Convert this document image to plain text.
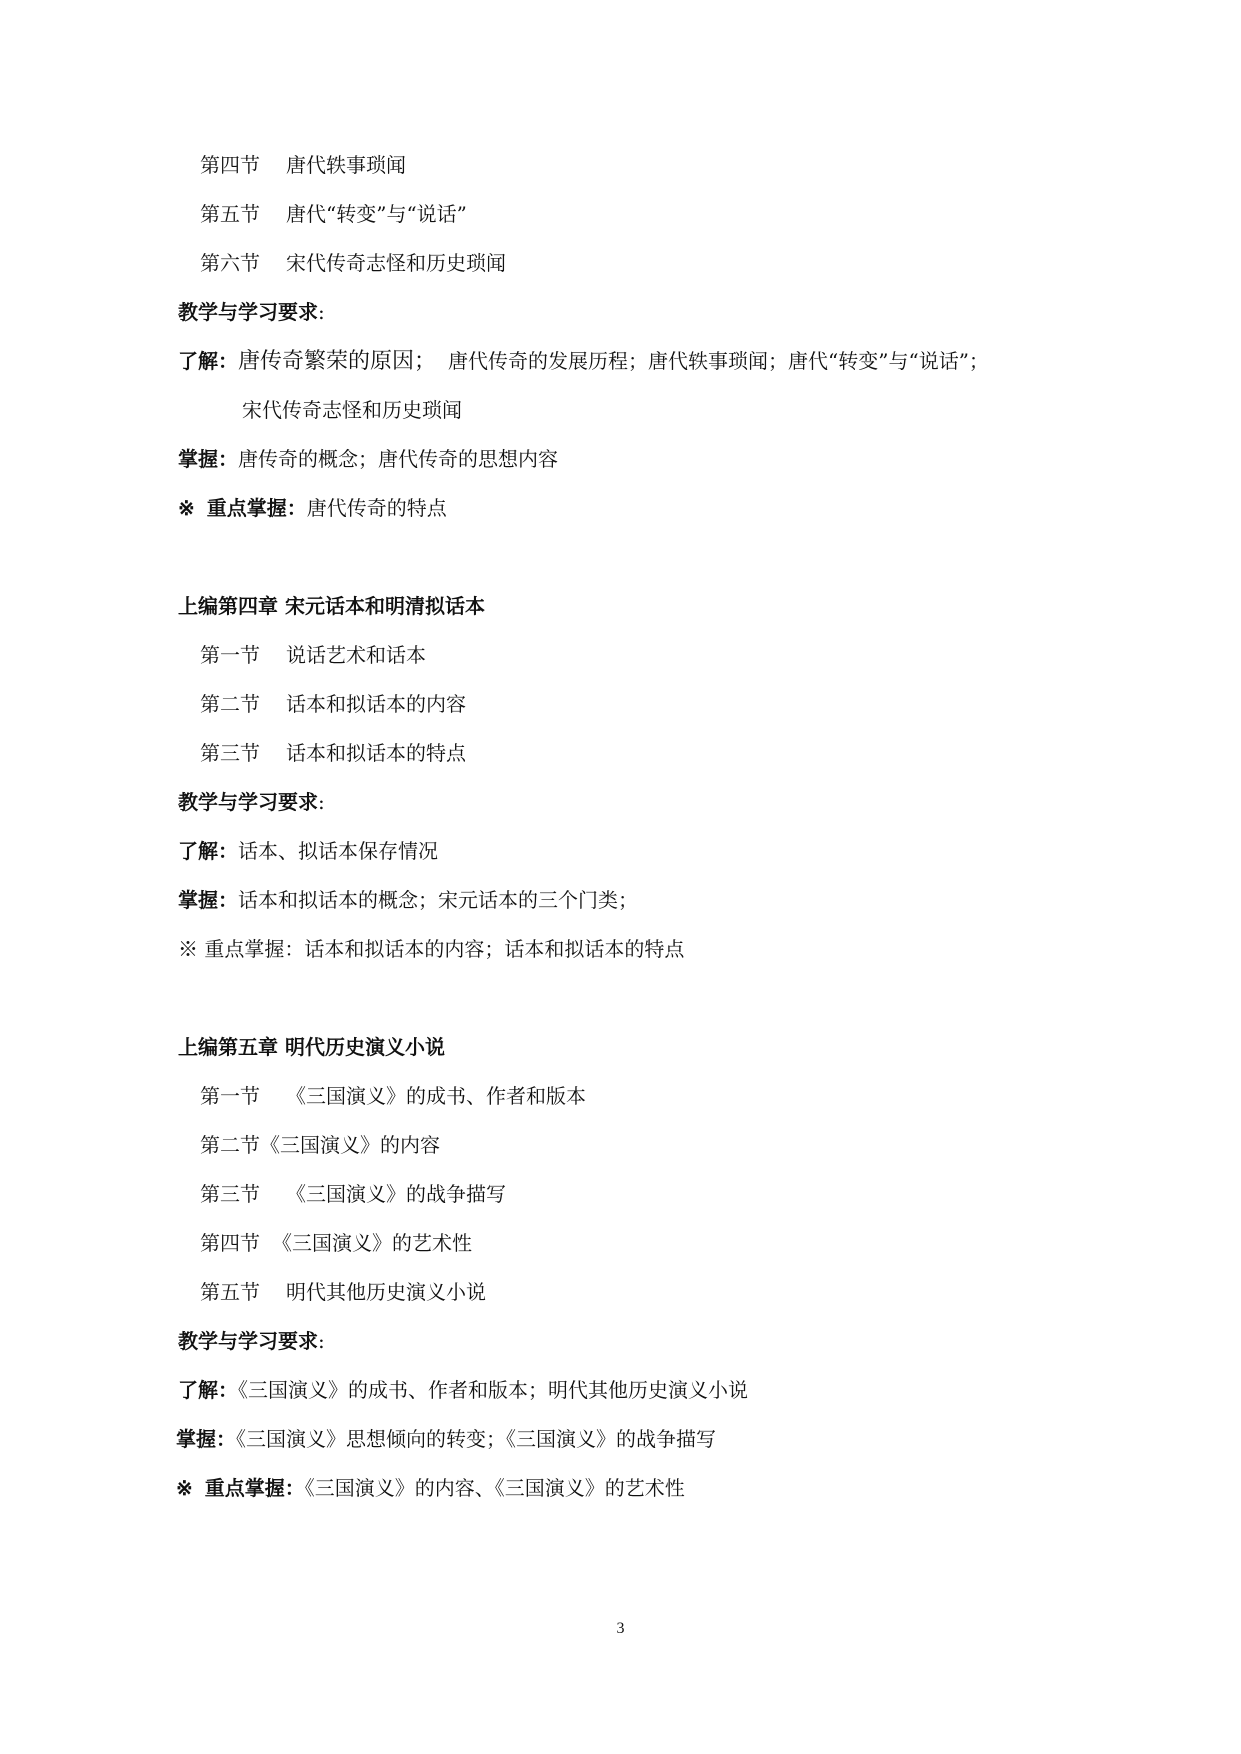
第四节 唐代轶事琐闻
第五节 唐代“转变”与“说话”
第六节 宋代传奇志怪和历史琐闻
教学与学习要求:
了解：唐传奇繁荣的原因； 唐代传奇的发展历程；唐代轶事琐闻；唐代“转变”与“说话”；
宋代传奇志怪和历史琐闻
掌握：唐传奇的概念；唐代传奇的思想内容
※ 重点掌握：唐代传奇的特点
上编第四章 宋元话本和明清拟话本
第一节 说话艺术和话本
第二节 话本和拟话本的内容
第三节 话本和拟话本的特点
教学与学习要求:
了解：话本、拟话本保存情况
掌握：话本和拟话本的概念；宋元话本的三个门类；
※ 重点掌握：话本和拟话本的内容；话本和拟话本的特点
上编第五章 明代历史演义小说
第一节 《三国演义》的成书、作者和版本
第二节《三国演义》的内容
第三节 《三国演义》的战争描写
第四节 《三国演义》的艺术性
第五节 明代其他历史演义小说
教学与学习要求:
了解：《三国演义》的成书、作者和版本；明代其他历史演义小说
掌握：《三国演义》思想倾向的转变；《三国演义》的战争描写
※ 重点掌握：《三国演义》的内容、《三国演义》的艺术性
3
